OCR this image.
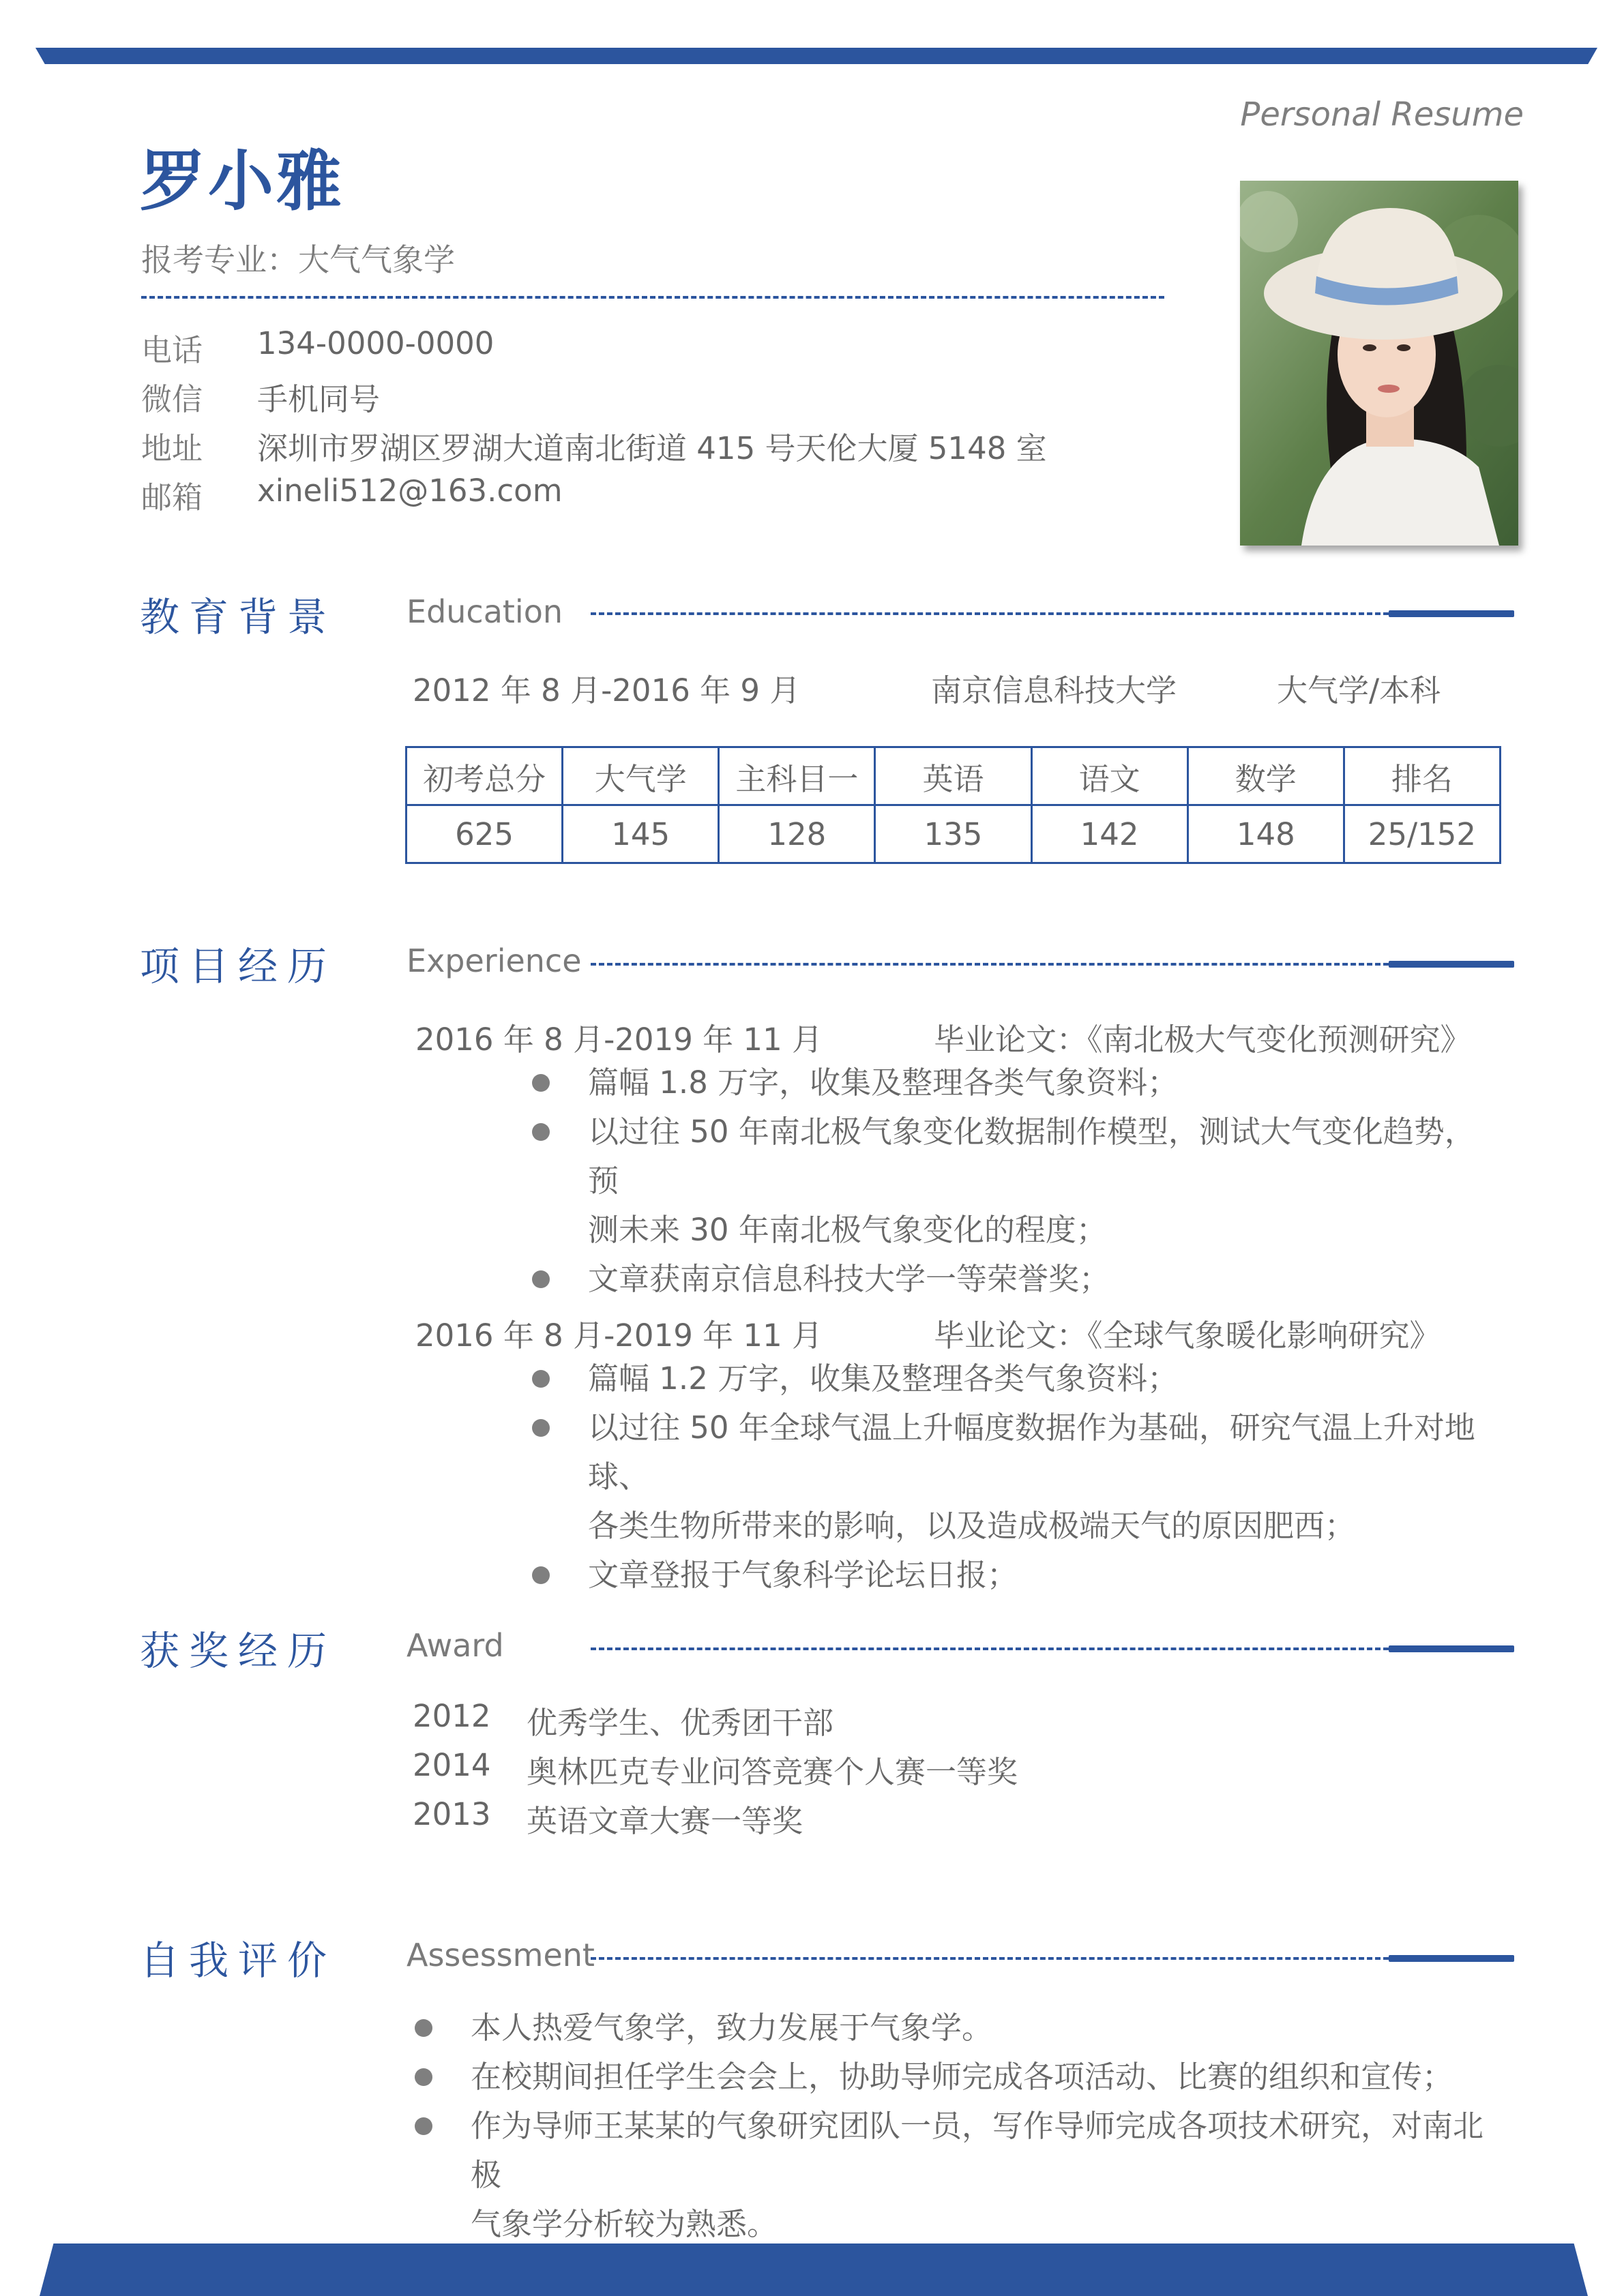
Personal Resume
罗小雅
报考专业：大气气象学
电话	134-0000-0000
微信	手机同号
地址	深圳市罗湖区罗湖大道南北街道 415 号天伦大厦 5148 室
邮箱	xineli512@163.com
教育背景 Education
2012 年 8 月-2016 年 9 月	南京信息科技大学	大气学/本科
初考总分	大气学	主科目一	英语	语文	数学	排名
625	145	128	135	142	148	25/152
项目经历 Experience
2016 年 8 月-2019 年 11 月	毕业论文：《南北极大气变化预测研究》
篇幅 1.8 万字，收集及整理各类气象资料；
以过往 50 年南北极气象变化数据制作模型，测试大气变化趋势，预
测未来 30 年南北极气象变化的程度；
文章获南京信息科技大学一等荣誉奖；
2016 年 8 月-2019 年 11 月	毕业论文：《全球气象暖化影响研究》
篇幅 1.2 万字，收集及整理各类气象资料；
以过往 50 年全球气温上升幅度数据作为基础，研究气温上升对地球、
各类生物所带来的影响，以及造成极端天气的原因肥西；
文章登报于气象科学论坛日报；
获奖经历 Award
2012 优秀学生、优秀团干部
2014 奥林匹克专业问答竞赛个人赛一等奖
2013 英语文章大赛一等奖
自我评价 Assessment
本人热爱气象学，致力发展于气象学。
在校期间担任学生会会上，协助导师完成各项活动、比赛的组织和宣传；
作为导师王某某的气象研究团队一员，写作导师完成各项技术研究，对南北极
气象学分析较为熟悉。
